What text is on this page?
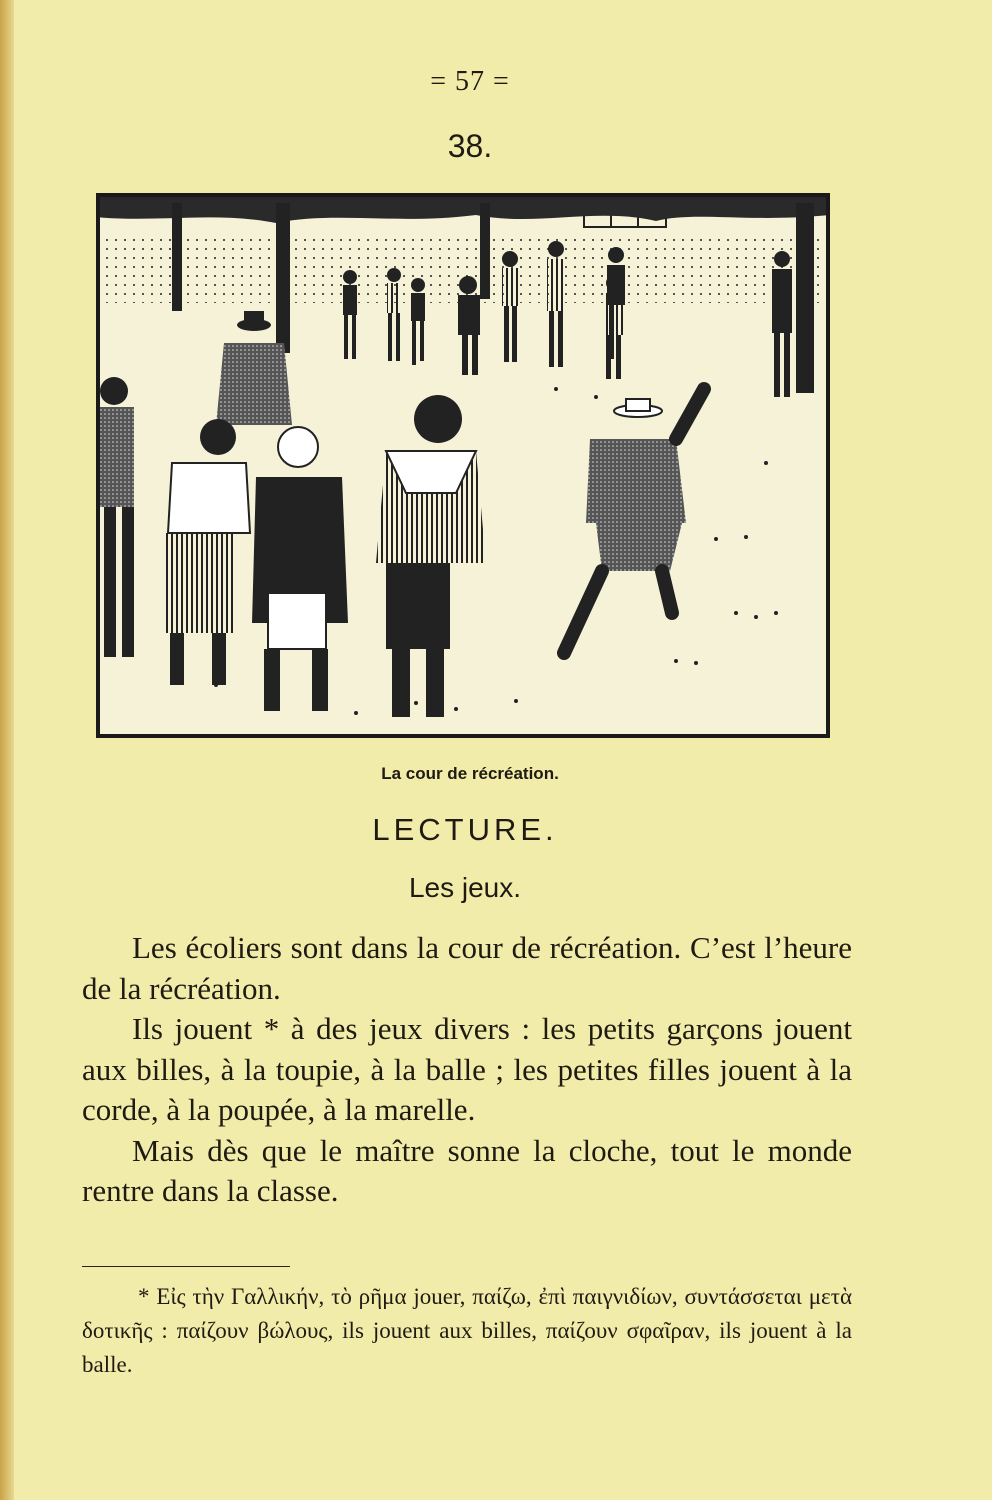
= 57 =
38.
La cour de récréation.
LECTURE.
Les jeux.

Les écoliers sont dans la cour de récréation. C’est l’heure de la récréation.

Ils jouent * à des jeux divers : les petits garçons jouent aux billes, à la toupie, à la balle ; les petites filles jouent à la corde, à la poupée, à la marelle.

Mais dès que le maître sonne la cloche, tout le monde rentre dans la classe.

* Εἰς τὴν Γαλλικήν, τὸ ρῆμα jouer, παίζω, ἐπὶ παιγνιδίων, συντάσσεται μετὰ δοτικῆς : παίζουν βώλους, ils jouent aux billes, παίζουν σφαῖραν, ils jouent à la balle.
